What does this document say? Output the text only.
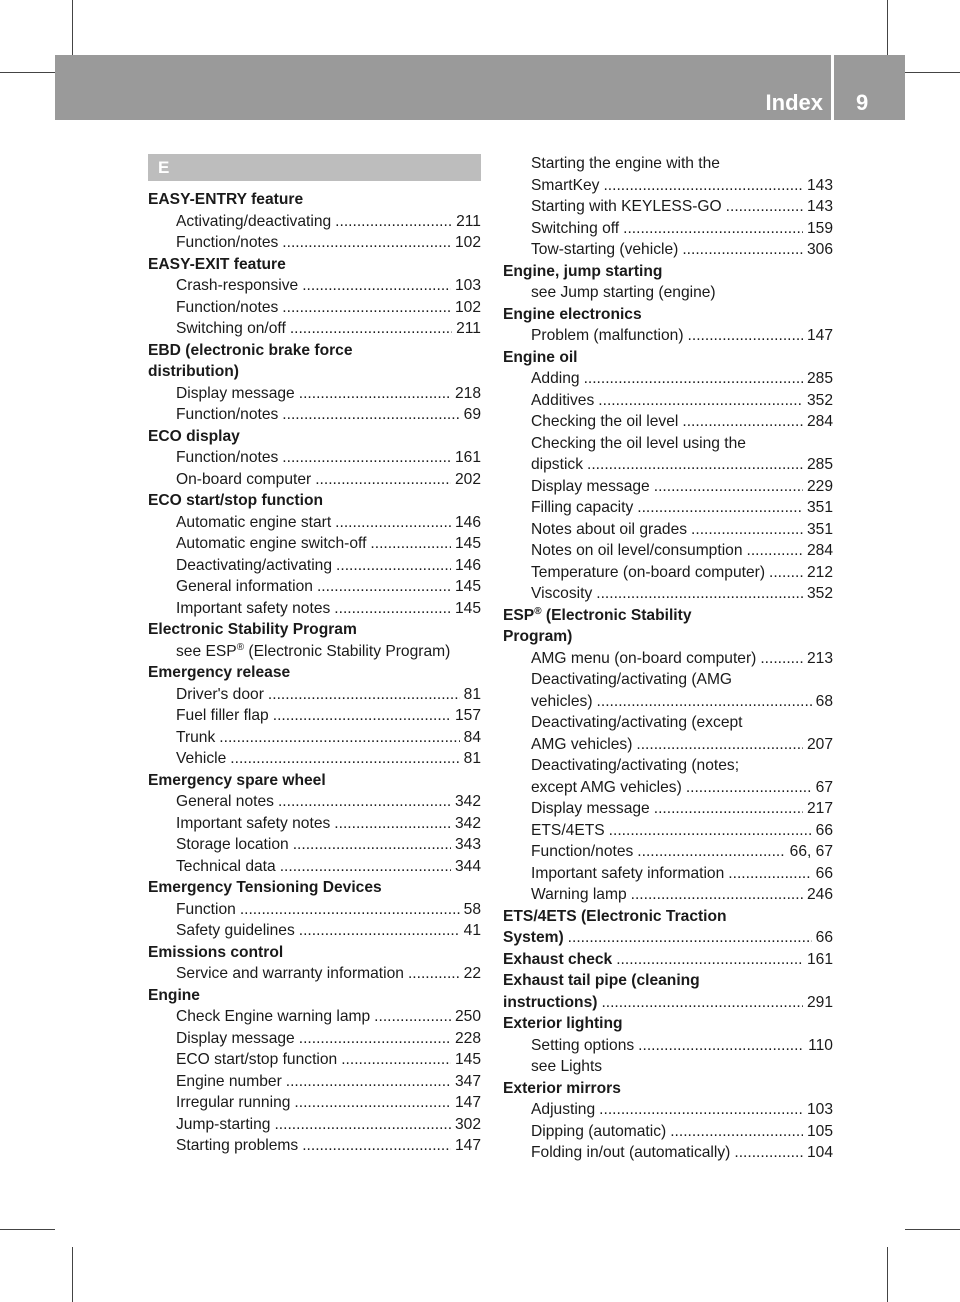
Index 9
E
EASY-ENTRY feature
Activating/deactivating .....	211
Function/notes .....	102
EASY-EXIT feature
Crash-responsive .....	103
Function/notes .....	102
Switching on/off .....	211
EBD (electronic brake force
distribution)
Display message .....	218
Function/notes .....	69
ECO display
Function/notes .....	161
On-board computer .....	202
ECO start/stop function
Automatic engine start .....	146
Automatic engine switch-off .....	145
Deactivating/activating .....	146
General information .....	145
Important safety notes .....	145
Electronic Stability Program
see ESP® (Electronic Stability Program)
Emergency release
Driver's door .....	81
Fuel filler flap .....	157
Trunk .....	84
Vehicle .....	81
Emergency spare wheel
General notes .....	342
Important safety notes .....	342
Storage location .....	343
Technical data .....	344
Emergency Tensioning Devices
Function .....	58
Safety guidelines .....	41
Emissions control
Service and warranty information .....	22
Engine
Check Engine warning lamp .....	250
Display message .....	228
ECO start/stop function .....	145
Engine number .....	347
Irregular running .....	147
Jump-starting .....	302
Starting problems .....	147
Starting the engine with the
SmartKey .....	143
Starting with KEYLESS-GO .....	143
Switching off .....	159
Tow-starting (vehicle) .....	306
Engine, jump starting
see Jump starting (engine)
Engine electronics
Problem (malfunction) .....	147
Engine oil
Adding .....	285
Additives .....	352
Checking the oil level .....	284
Checking the oil level using the
dipstick .....	285
Display message .....	229
Filling capacity .....	351
Notes about oil grades .....	351
Notes on oil level/consumption .....	284
Temperature (on-board computer) .....	212
Viscosity .....	352
ESP® (Electronic Stability
Program)
AMG menu (on-board computer) .....	213
Deactivating/activating (AMG
vehicles) .....	68
Deactivating/activating (except
AMG vehicles) .....	207
Deactivating/activating (notes;
except AMG vehicles) .....	67
Display message .....	217
ETS/4ETS .....	66
Function/notes .....	66, 67
Important safety information .....	66
Warning lamp .....	246
ETS/4ETS (Electronic Traction
System) .....	66
Exhaust check .....	161
Exhaust tail pipe (cleaning
instructions) .....	291
Exterior lighting
Setting options .....	110
see Lights
Exterior mirrors
Adjusting .....	103
Dipping (automatic) .....	105
Folding in/out (automatically) .....	104
